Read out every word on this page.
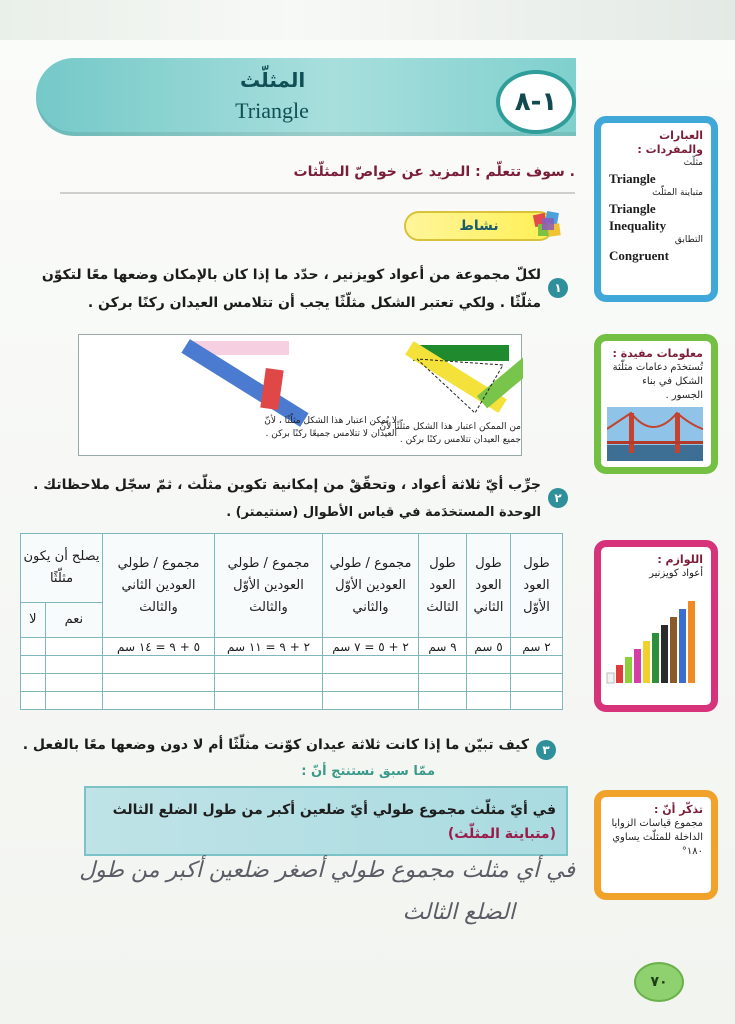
المثلّث
Triangle	١-٨
سوف تتعلّم : المزيد عن خواصّ المثلّثات .
نشاط
١
لكلّ مجموعة من أعواد كويزنير ، حدّد ما إذا كان بالإمكان وضعها معًا لتكوّن
مثلّثًا . ولكي تعتبر الشكل مثلّثًا يجب أن تتلامس العيدان ركنًا بركن .
لا يُمكن اعتبار هذا الشكل مثلّثًا ، لأنّ العيدان لا تتلامس جميعًا ركنًا بركن .
من الممكن اعتبار هذا الشكل مثلّثًا لأنّ جميع العيدان تتلامس ركنًا بركن .
٢
جرِّب أيّ ثلاثة أعواد ، وتحقّقْ من إمكانية تكوين مثلّث ، ثمّ سجّل ملاحظاتك .
الوحدة المستخدَمة في قياس الأطوال (سنتيمتر) .
طول العود الأوّل	طول العود الثاني	طول العود الثالث	مجموع / طولي العودين الأوّل والثاني	مجموع / طولي العودين الأوّل والثالث	مجموع / طولي العودين الثاني والثالث	يصلح أن يكون مثلّثًا	
						نعم	لا
٢ سم	٥ سم	٩ سم	٢ + ٥ = ٧ سم	٢ + ٩ = ١١ سم	٥ + ٩ = ١٤ سم		

٣
كيف تبيّن ما إذا كانت ثلاثة عيدان كوّنت مثلّثًا أم لا دون وضعها معًا بالفعل .
ممّا سبق نستنتج أنّ :
في أيّ مثلّث مجموع طولي أيّ ضلعين أكبر من طول الضلع الثالث
(متباينة المثلّث)
في أي مثلث مجموع طولي أصغر ضلعين أكبر من طول
الضلع الثالث
العبارات والمفردات :
مثلّث
Triangle
متباينة المثلّث
Triangle
Inequality
التطابق
Congruent
معلومات مفيدة :
تُستخدَم دعامات مثلّثة الشكل في بناء الجسور .
اللوازم :
أعواد كويزنير
تذكّر أنّ :
مجموع قياسات الزوايا الداخلة للمثلّث يساوي ١٨٠°
٧٠
